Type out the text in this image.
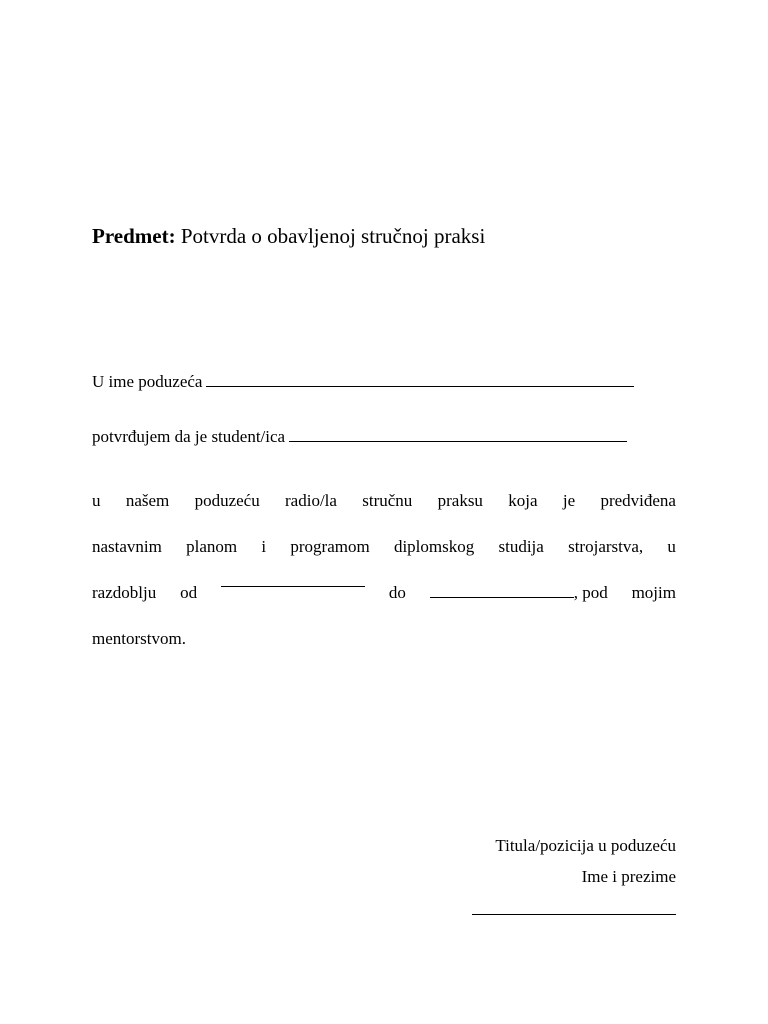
Predmet: Potvrda o obavljenoj stručnoj praksi
U ime poduzeća
potvrđujem da je student/ica
u našem poduzeću radio/la stručnu praksu koja je predviđena
nastavnim planom i programom diplomskog studija strojarstva, u
razdoblju od	do	, pod mojim
mentorstvom.
Titula/pozicija u poduzeću
Ime i prezime
